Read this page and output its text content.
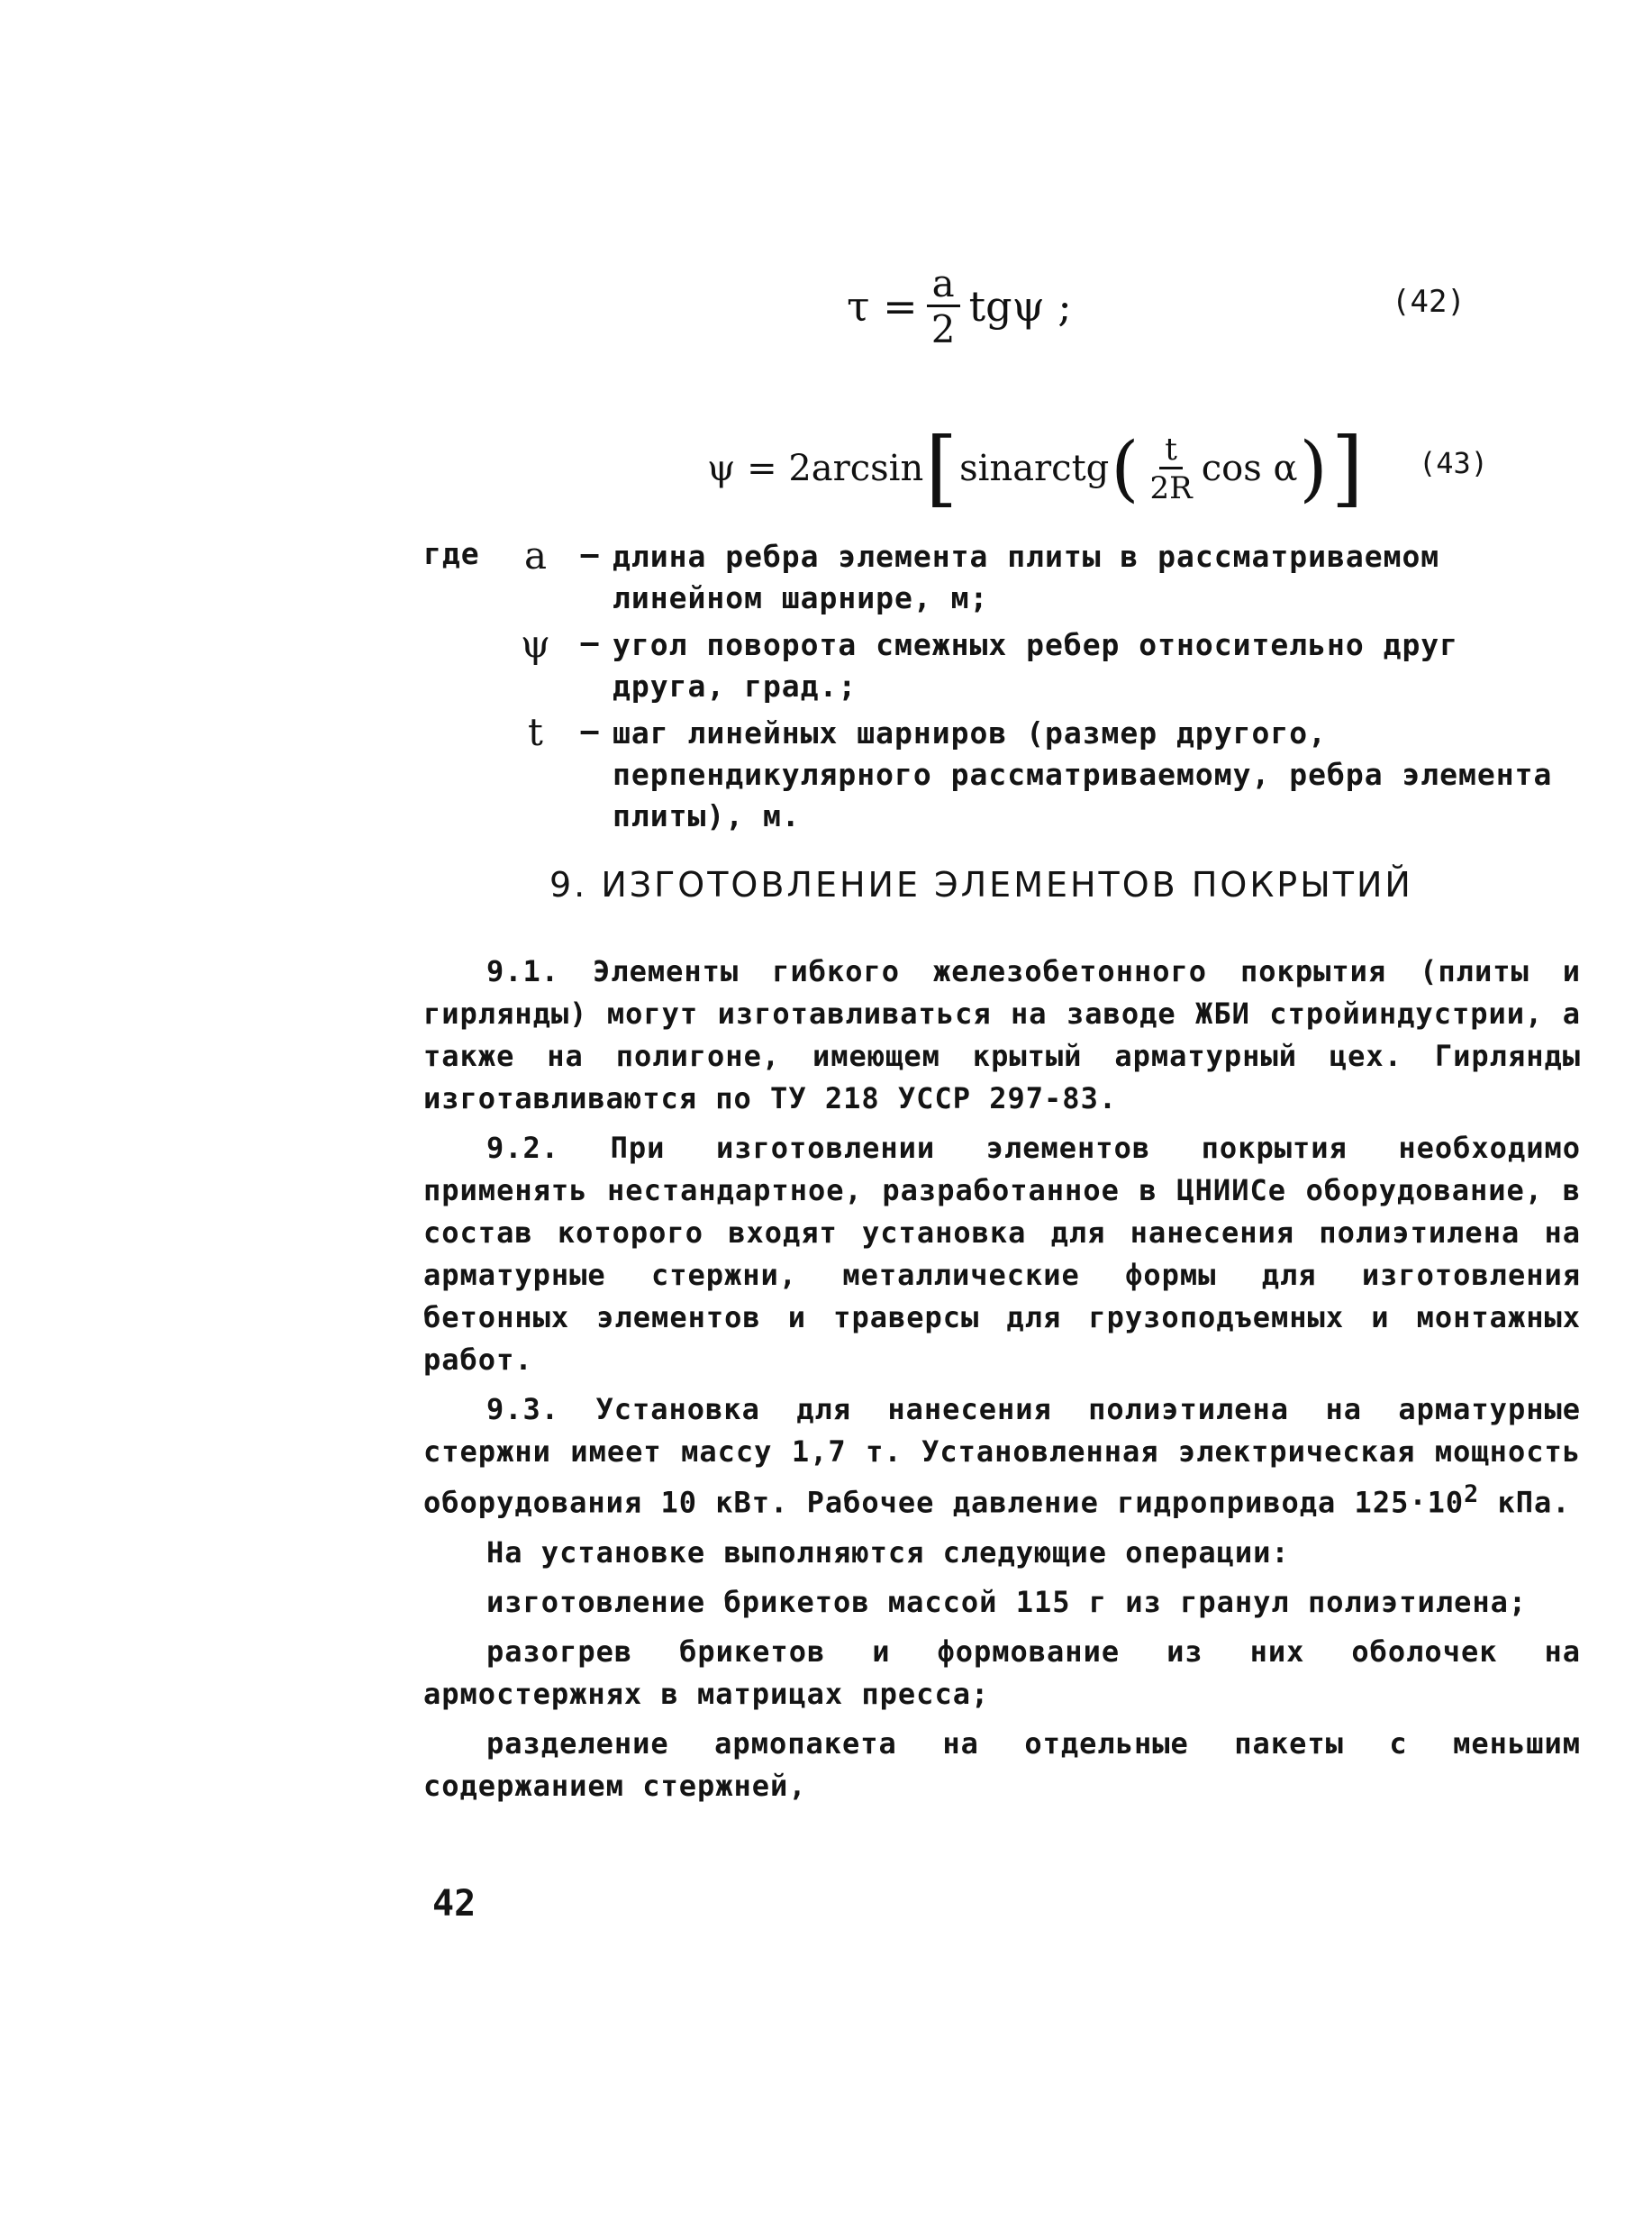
$\tau = \frac{a}{2}$ tgψ ;	(42)
ψ = 2arcsin [ sinarctg ( $\frac{t}{2R}$ cos α ) ] (43)
где	a	– длина ребра элемента плиты в рассматриваемом линейном шарнире, м;
ψ – угол поворота смежных ребер относительно друг друга, град.;
t	– шаг линейных шарниров (размер другого, перпендикулярного рассматриваемому, ребра элемента плиты), м.
9. ИЗГОТОВЛЕНИЕ ЭЛЕМЕНТОВ ПОКРЫТИЙ

9.1. Элементы гибкого железобетонного покрытия (плиты и гирлянды) могут изготавливаться на заводе ЖБИ стройиндустрии, а также на полигоне, имеющем крытый арматурный цех. Гирлянды изготавливаются по ТУ 218 УССР 297-83.

9.2. При изготовлении элементов покрытия необходимо применять нестандартное, разработанное в ЦНИИСе оборудование, в состав которого входят установка для нанесения полиэтилена на арматурные стержни, металлические формы для изготовления бетонных элементов и траверсы для грузоподъемных и монтажных работ.

9.3. Установка для нанесения полиэтилена на арматурные стержни имеет массу 1,7 т. Установленная электрическая мощность оборудования 10 кВт. Рабочее давление гидропривода $125\cdot 10^2$ кПа.

На установке выполняются следующие операции:

изготовление брикетов массой 115 г из гранул полиэтилена;

разогрев брикетов и формование из них оболочек на армостержнях в матрицах пресса;

разделение армопакета на отдельные пакеты с меньшим содержанием стержней,

42
